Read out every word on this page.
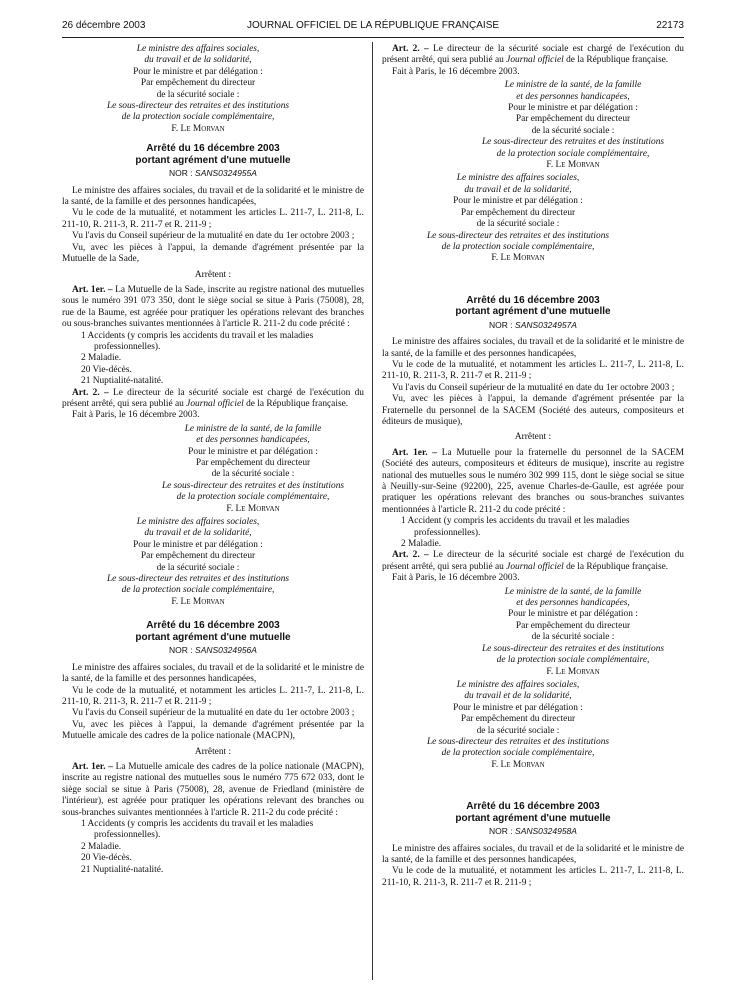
26 décembre 2003	JOURNAL OFFICIEL DE LA RÉPUBLIQUE FRANÇAISE	22173
Le ministre des affaires sociales,
du travail et de la solidarité,
Pour le ministre et par délégation :
Par empêchement du directeur
de la sécurité sociale :
Le sous-directeur des retraites et des institutions
de la protection sociale complémentaire,
F. Le Morvan
Arrêté du 16 décembre 2003
portant agrément d'une mutuelle
NOR : SANS0324955A

Le ministre des affaires sociales, du travail et de la solidarité et le ministre de la santé, de la famille et des personnes handicapées,

Vu le code de la mutualité, et notamment les articles L. 211-7, L. 211-8, L. 211-10, R. 211-3, R. 211-7 et R. 211-9 ;

Vu l'avis du Conseil supérieur de la mutualité en date du 1er octobre 2003 ;

Vu, avec les pièces à l'appui, la demande d'agrément présentée par la Mutuelle de la Sade,

Arrêtent :

Art. 1er. – La Mutuelle de la Sade, inscrite au registre national des mutuelles sous le numéro 391 073 350, dont le siège social se situe à Paris (75008), 28, rue de la Baume, est agréée pour pratiquer les opérations relevant des branches ou sous-branches suivantes mentionnées à l'article R. 211-2 du code précité :

1 Accidents (y compris les accidents du travail et les maladies professionnelles).
2 Maladie.
20 Vie-décès.
21 Nuptialité-natalité.

Art. 2. – Le directeur de la sécurité sociale est chargé de l'exécution du présent arrêté, qui sera publié au Journal officiel de la République française.

Fait à Paris, le 16 décembre 2003.

Le ministre de la santé, de la famille
et des personnes handicapées,
Pour le ministre et par délégation :
Par empêchement du directeur
de la sécurité sociale :
Le sous-directeur des retraites et des institutions
de la protection sociale complémentaire,
F. Le Morvan
Le ministre des affaires sociales,
du travail et de la solidarité,
Pour le ministre et par délégation :
Par empêchement du directeur
de la sécurité sociale :
Le sous-directeur des retraites et des institutions
de la protection sociale complémentaire,
F. Le Morvan
Arrêté du 16 décembre 2003
portant agrément d'une mutuelle
NOR : SANS0324956A

Le ministre des affaires sociales, du travail et de la solidarité et le ministre de la santé, de la famille et des personnes handicapées,

Vu le code de la mutualité, et notamment les articles L. 211-7, L. 211-8, L. 211-10, R. 211-3, R. 211-7 et R. 211-9 ;

Vu l'avis du Conseil supérieur de la mutualité en date du 1er octobre 2003 ;

Vu, avec les pièces à l'appui, la demande d'agrément présentée par la Mutuelle amicale des cadres de la police nationale (MACPN),

Arrêtent :

Art. 1er. – La Mutuelle amicale des cadres de la police nationale (MACPN), inscrite au registre national des mutuelles sous le numéro 775 672 033, dont le siège social se situe à Paris (75008), 28, avenue de Friedland (ministère de l'intérieur), est agréée pour pratiquer les opérations relevant des branches ou sous-branches suivantes mentionnées à l'article R. 211-2 du code précité :

1 Accidents (y compris les accidents du travail et les maladies professionnelles).
2 Maladie.
20 Vie-décès.
21 Nuptialité-natalité.

Art. 2. – Le directeur de la sécurité sociale est chargé de l'exécution du présent arrêté, qui sera publié au Journal officiel de la République française.

Fait à Paris, le 16 décembre 2003.

Le ministre de la santé, de la famille
et des personnes handicapées,
Pour le ministre et par délégation :
Par empêchement du directeur
de la sécurité sociale :
Le sous-directeur des retraites et des institutions
de la protection sociale complémentaire,
F. Le Morvan
Le ministre des affaires sociales,
du travail et de la solidarité,
Pour le ministre et par délégation :
Par empêchement du directeur
de la sécurité sociale :
Le sous-directeur des retraites et des institutions
de la protection sociale complémentaire,
F. Le Morvan
Arrêté du 16 décembre 2003
portant agrément d'une mutuelle
NOR : SANS0324957A

Le ministre des affaires sociales, du travail et de la solidarité et le ministre de la santé, de la famille et des personnes handicapées,

Vu le code de la mutualité, et notamment les articles L. 211-7, L. 211-8, L. 211-10, R. 211-3, R. 211-7 et R. 211-9 ;

Vu l'avis du Conseil supérieur de la mutualité en date du 1er octobre 2003 ;

Vu, avec les pièces à l'appui, la demande d'agrément présentée par la Fraternelle du personnel de la SACEM (Société des auteurs, compositeurs et éditeurs de musique),

Arrêtent :

Art. 1er. – La Mutuelle pour la fraternelle du personnel de la SACEM (Société des auteurs, compositeurs et éditeurs de musique), inscrite au registre national des mutuelles sous le numéro 302 999 115, dont le siège social se situe à Neuilly-sur-Seine (92200), 225, avenue Charles-de-Gaulle, est agréée pour pratiquer les opérations relevant des branches ou sous-branches suivantes mentionnées à l'article R. 211-2 du code précité :

1 Accident (y compris les accidents du travail et les maladies professionnelles).
2 Maladie.

Art. 2. – Le directeur de la sécurité sociale est chargé de l'exécution du présent arrêté, qui sera publié au Journal officiel de la République française.

Fait à Paris, le 16 décembre 2003.

Le ministre de la santé, de la famille
et des personnes handicapées,
Pour le ministre et par délégation :
Par empêchement du directeur
de la sécurité sociale :
Le sous-directeur des retraites et des institutions
de la protection sociale complémentaire,
F. Le Morvan
Le ministre des affaires sociales,
du travail et de la solidarité,
Pour le ministre et par délégation :
Par empêchement du directeur
de la sécurité sociale :
Le sous-directeur des retraites et des institutions
de la protection sociale complémentaire,
F. Le Morvan
Arrêté du 16 décembre 2003
portant agrément d'une mutuelle
NOR : SANS0324958A

Le ministre des affaires sociales, du travail et de la solidarité et le ministre de la santé, de la famille et des personnes handicapées,

Vu le code de la mutualité, et notamment les articles L. 211-7, L. 211-8, L. 211-10, R. 211-3, R. 211-7 et R. 211-9 ;
